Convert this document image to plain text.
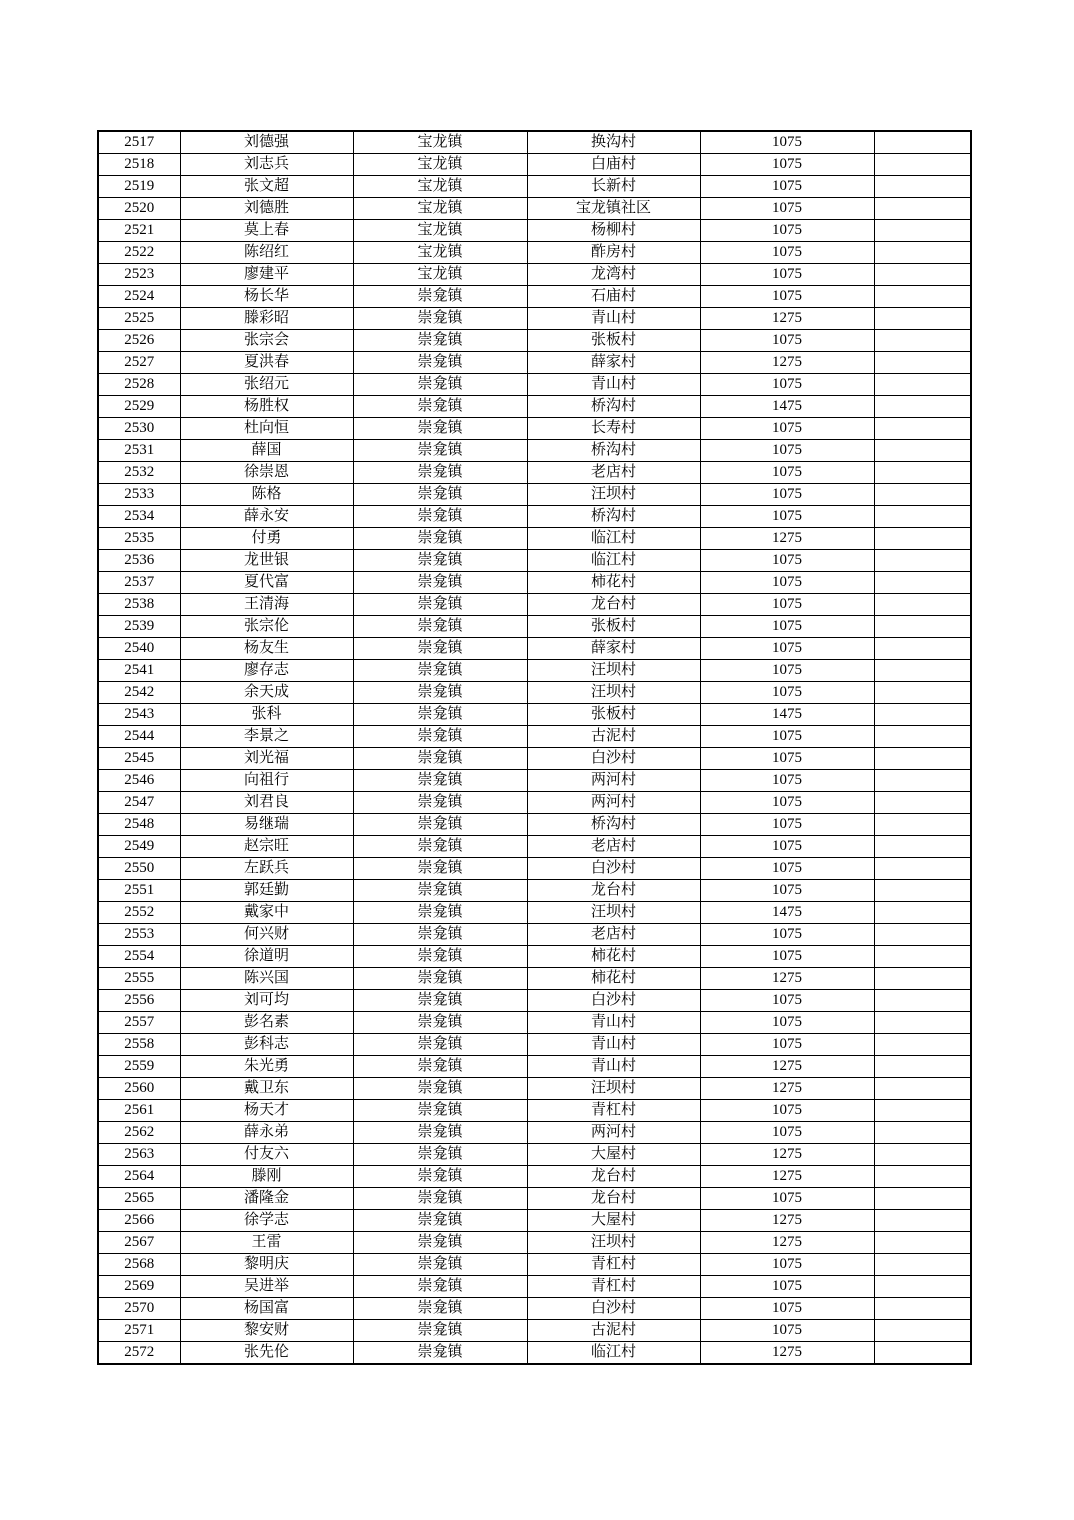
2517	刘德强	宝龙镇	换沟村	1075	
2518	刘志兵	宝龙镇	白庙村	1075	
2519	张文超	宝龙镇	长新村	1075	
2520	刘德胜	宝龙镇	宝龙镇社区	1075	
2521	莫上春	宝龙镇	杨柳村	1075	
2522	陈绍红	宝龙镇	酢房村	1075	
2523	廖建平	宝龙镇	龙湾村	1075	
2524	杨长华	崇龛镇	石庙村	1075	
2525	滕彩昭	崇龛镇	青山村	1275	
2526	张宗会	崇龛镇	张板村	1075	
2527	夏洪春	崇龛镇	薛家村	1275	
2528	张绍元	崇龛镇	青山村	1075	
2529	杨胜权	崇龛镇	桥沟村	1475	
2530	杜向恒	崇龛镇	长寿村	1075	
2531	薛国	崇龛镇	桥沟村	1075	
2532	徐崇恩	崇龛镇	老店村	1075	
2533	陈格	崇龛镇	汪坝村	1075	
2534	薛永安	崇龛镇	桥沟村	1075	
2535	付勇	崇龛镇	临江村	1275	
2536	龙世银	崇龛镇	临江村	1075	
2537	夏代富	崇龛镇	柿花村	1075	
2538	王清海	崇龛镇	龙台村	1075	
2539	张宗伦	崇龛镇	张板村	1075	
2540	杨友生	崇龛镇	薛家村	1075	
2541	廖存志	崇龛镇	汪坝村	1075	
2542	余天成	崇龛镇	汪坝村	1075	
2543	张科	崇龛镇	张板村	1475	
2544	李景之	崇龛镇	古泥村	1075	
2545	刘光福	崇龛镇	白沙村	1075	
2546	向祖行	崇龛镇	两河村	1075	
2547	刘君良	崇龛镇	两河村	1075	
2548	易继瑞	崇龛镇	桥沟村	1075	
2549	赵宗旺	崇龛镇	老店村	1075	
2550	左跃兵	崇龛镇	白沙村	1075	
2551	郭廷勤	崇龛镇	龙台村	1075	
2552	戴家中	崇龛镇	汪坝村	1475	
2553	何兴财	崇龛镇	老店村	1075	
2554	徐道明	崇龛镇	柿花村	1075	
2555	陈兴国	崇龛镇	柿花村	1275	
2556	刘可均	崇龛镇	白沙村	1075	
2557	彭名素	崇龛镇	青山村	1075	
2558	彭科志	崇龛镇	青山村	1075	
2559	朱光勇	崇龛镇	青山村	1275	
2560	戴卫东	崇龛镇	汪坝村	1275	
2561	杨天才	崇龛镇	青杠村	1075	
2562	薛永弟	崇龛镇	两河村	1075	
2563	付友六	崇龛镇	大屋村	1275	
2564	滕刚	崇龛镇	龙台村	1275	
2565	潘隆金	崇龛镇	龙台村	1075	
2566	徐学志	崇龛镇	大屋村	1275	
2567	王雷	崇龛镇	汪坝村	1275	
2568	黎明庆	崇龛镇	青杠村	1075	
2569	吴进举	崇龛镇	青杠村	1075	
2570	杨国富	崇龛镇	白沙村	1075	
2571	黎安财	崇龛镇	古泥村	1075	
2572	张先伦	崇龛镇	临江村	1275	
